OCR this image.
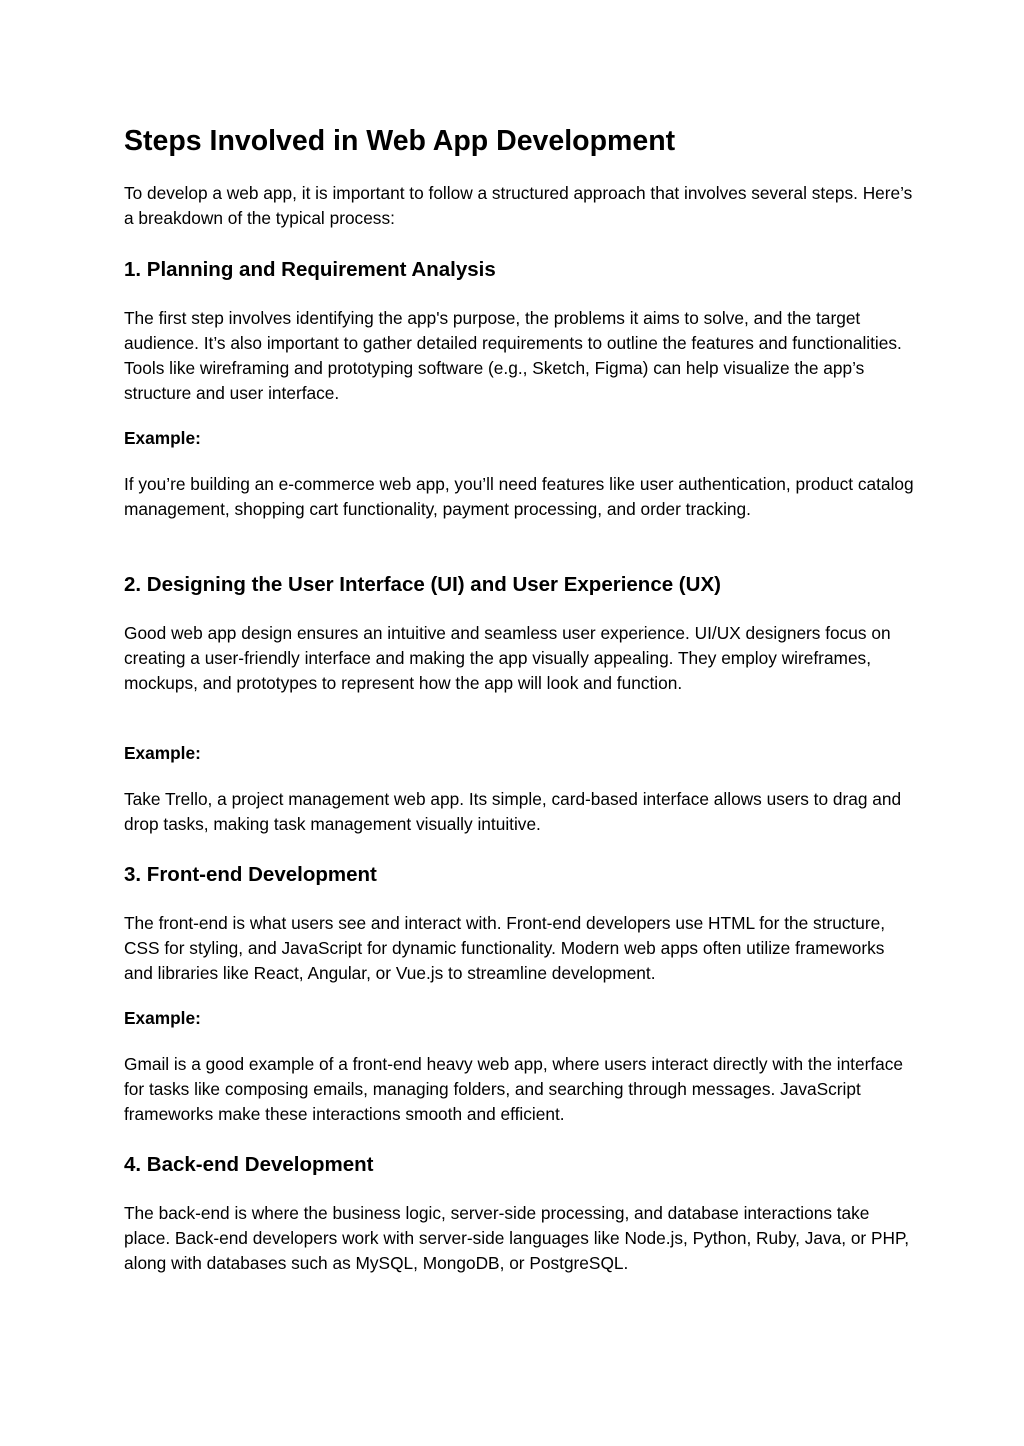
Steps Involved in Web App Development

To develop a web app, it is important to follow a structured approach that involves several steps. Here’s a breakdown of the typical process:

1. Planning and Requirement Analysis

The first step involves identifying the app's purpose, the problems it aims to solve, and the target audience. It’s also important to gather detailed requirements to outline the features and functionalities. Tools like wireframing and prototyping software (e.g., Sketch, Figma) can help visualize the app’s structure and user interface.

Example:

If you’re building an e-commerce web app, you’ll need features like user authentication, product catalog management, shopping cart functionality, payment processing, and order tracking.

2. Designing the User Interface (UI) and User Experience (UX)

Good web app design ensures an intuitive and seamless user experience. UI/UX designers focus on creating a user-friendly interface and making the app visually appealing. They employ wireframes, mockups, and prototypes to represent how the app will look and function.

Example:

Take Trello, a project management web app. Its simple, card-based interface allows users to drag and drop tasks, making task management visually intuitive.

3. Front-end Development

The front-end is what users see and interact with. Front-end developers use HTML for the structure, CSS for styling, and JavaScript for dynamic functionality. Modern web apps often utilize frameworks and libraries like React, Angular, or Vue.js to streamline development.

Example:

Gmail is a good example of a front-end heavy web app, where users interact directly with the interface for tasks like composing emails, managing folders, and searching through messages. JavaScript frameworks make these interactions smooth and efficient.

4. Back-end Development

The back-end is where the business logic, server-side processing, and database interactions take place. Back-end developers work with server-side languages like Node.js, Python, Ruby, Java, or PHP, along with databases such as MySQL, MongoDB, or PostgreSQL.
